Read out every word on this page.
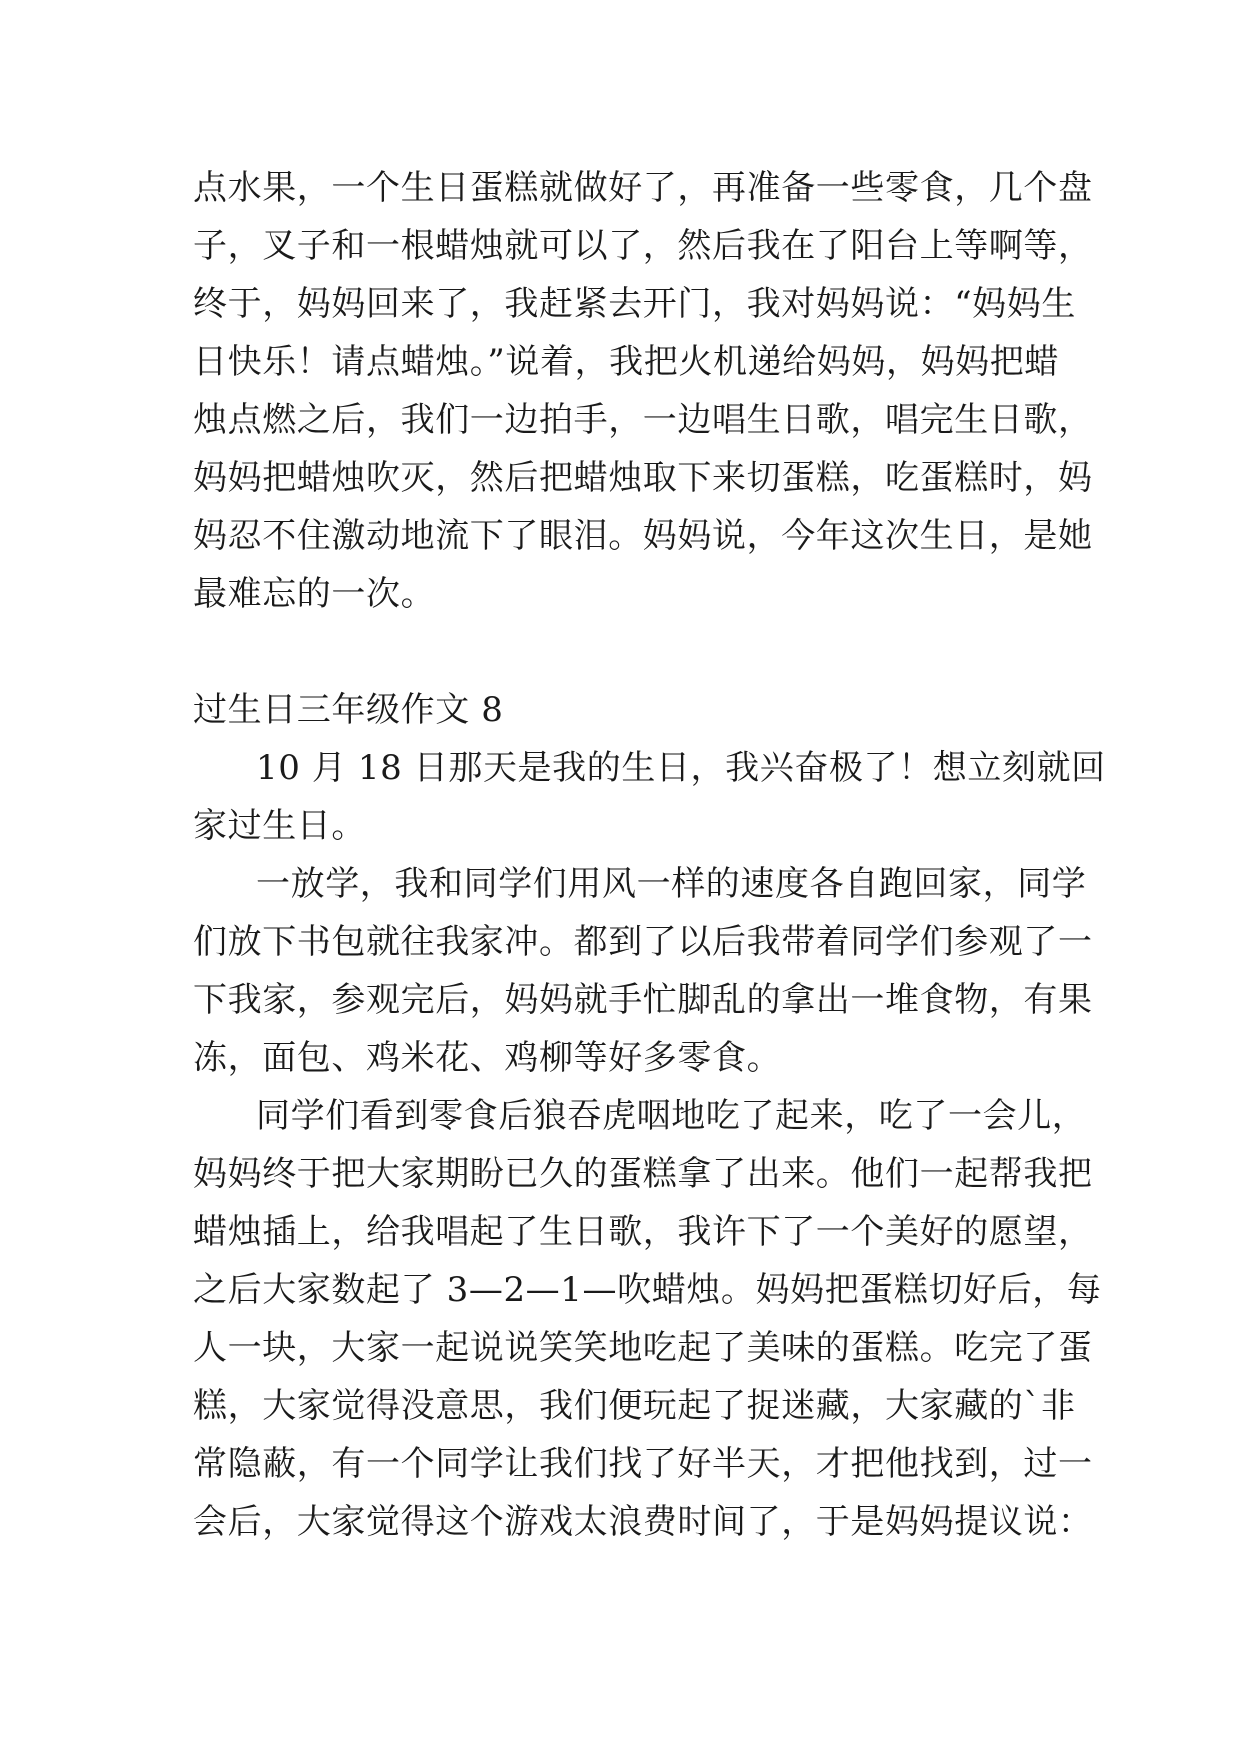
点水果，一个生日蛋糕就做好了，再准备一些零食，几个盘
子，叉子和一根蜡烛就可以了，然后我在了阳台上等啊等，
终于，妈妈回来了，我赶紧去开门，我对妈妈说：“妈妈生
日快乐！请点蜡烛。”说着，我把火机递给妈妈，妈妈把蜡
烛点燃之后，我们一边拍手，一边唱生日歌，唱完生日歌，
妈妈把蜡烛吹灭，然后把蜡烛取下来切蛋糕，吃蛋糕时，妈
妈忍不住激动地流下了眼泪。妈妈说，今年这次生日，是她
最难忘的一次。
过生日三年级作文 8
10 月 18 日那天是我的生日，我兴奋极了！想立刻就回
家过生日。
一放学，我和同学们用风一样的速度各自跑回家，同学
们放下书包就往我家冲。都到了以后我带着同学们参观了一
下我家，参观完后，妈妈就手忙脚乱的拿出一堆食物，有果
冻，面包、鸡米花、鸡柳等好多零食。
同学们看到零食后狼吞虎咽地吃了起来，吃了一会儿，
妈妈终于把大家期盼已久的蛋糕拿了出来。他们一起帮我把
蜡烛插上，给我唱起了生日歌，我许下了一个美好的愿望，
之后大家数起了 3—2—1—吹蜡烛。妈妈把蛋糕切好后，每
人一块，大家一起说说笑笑地吃起了美味的蛋糕。吃完了蛋
糕，大家觉得没意思，我们便玩起了捉迷藏，大家藏的`非
常隐蔽，有一个同学让我们找了好半天，才把他找到，过一
会后，大家觉得这个游戏太浪费时间了，于是妈妈提议说：
